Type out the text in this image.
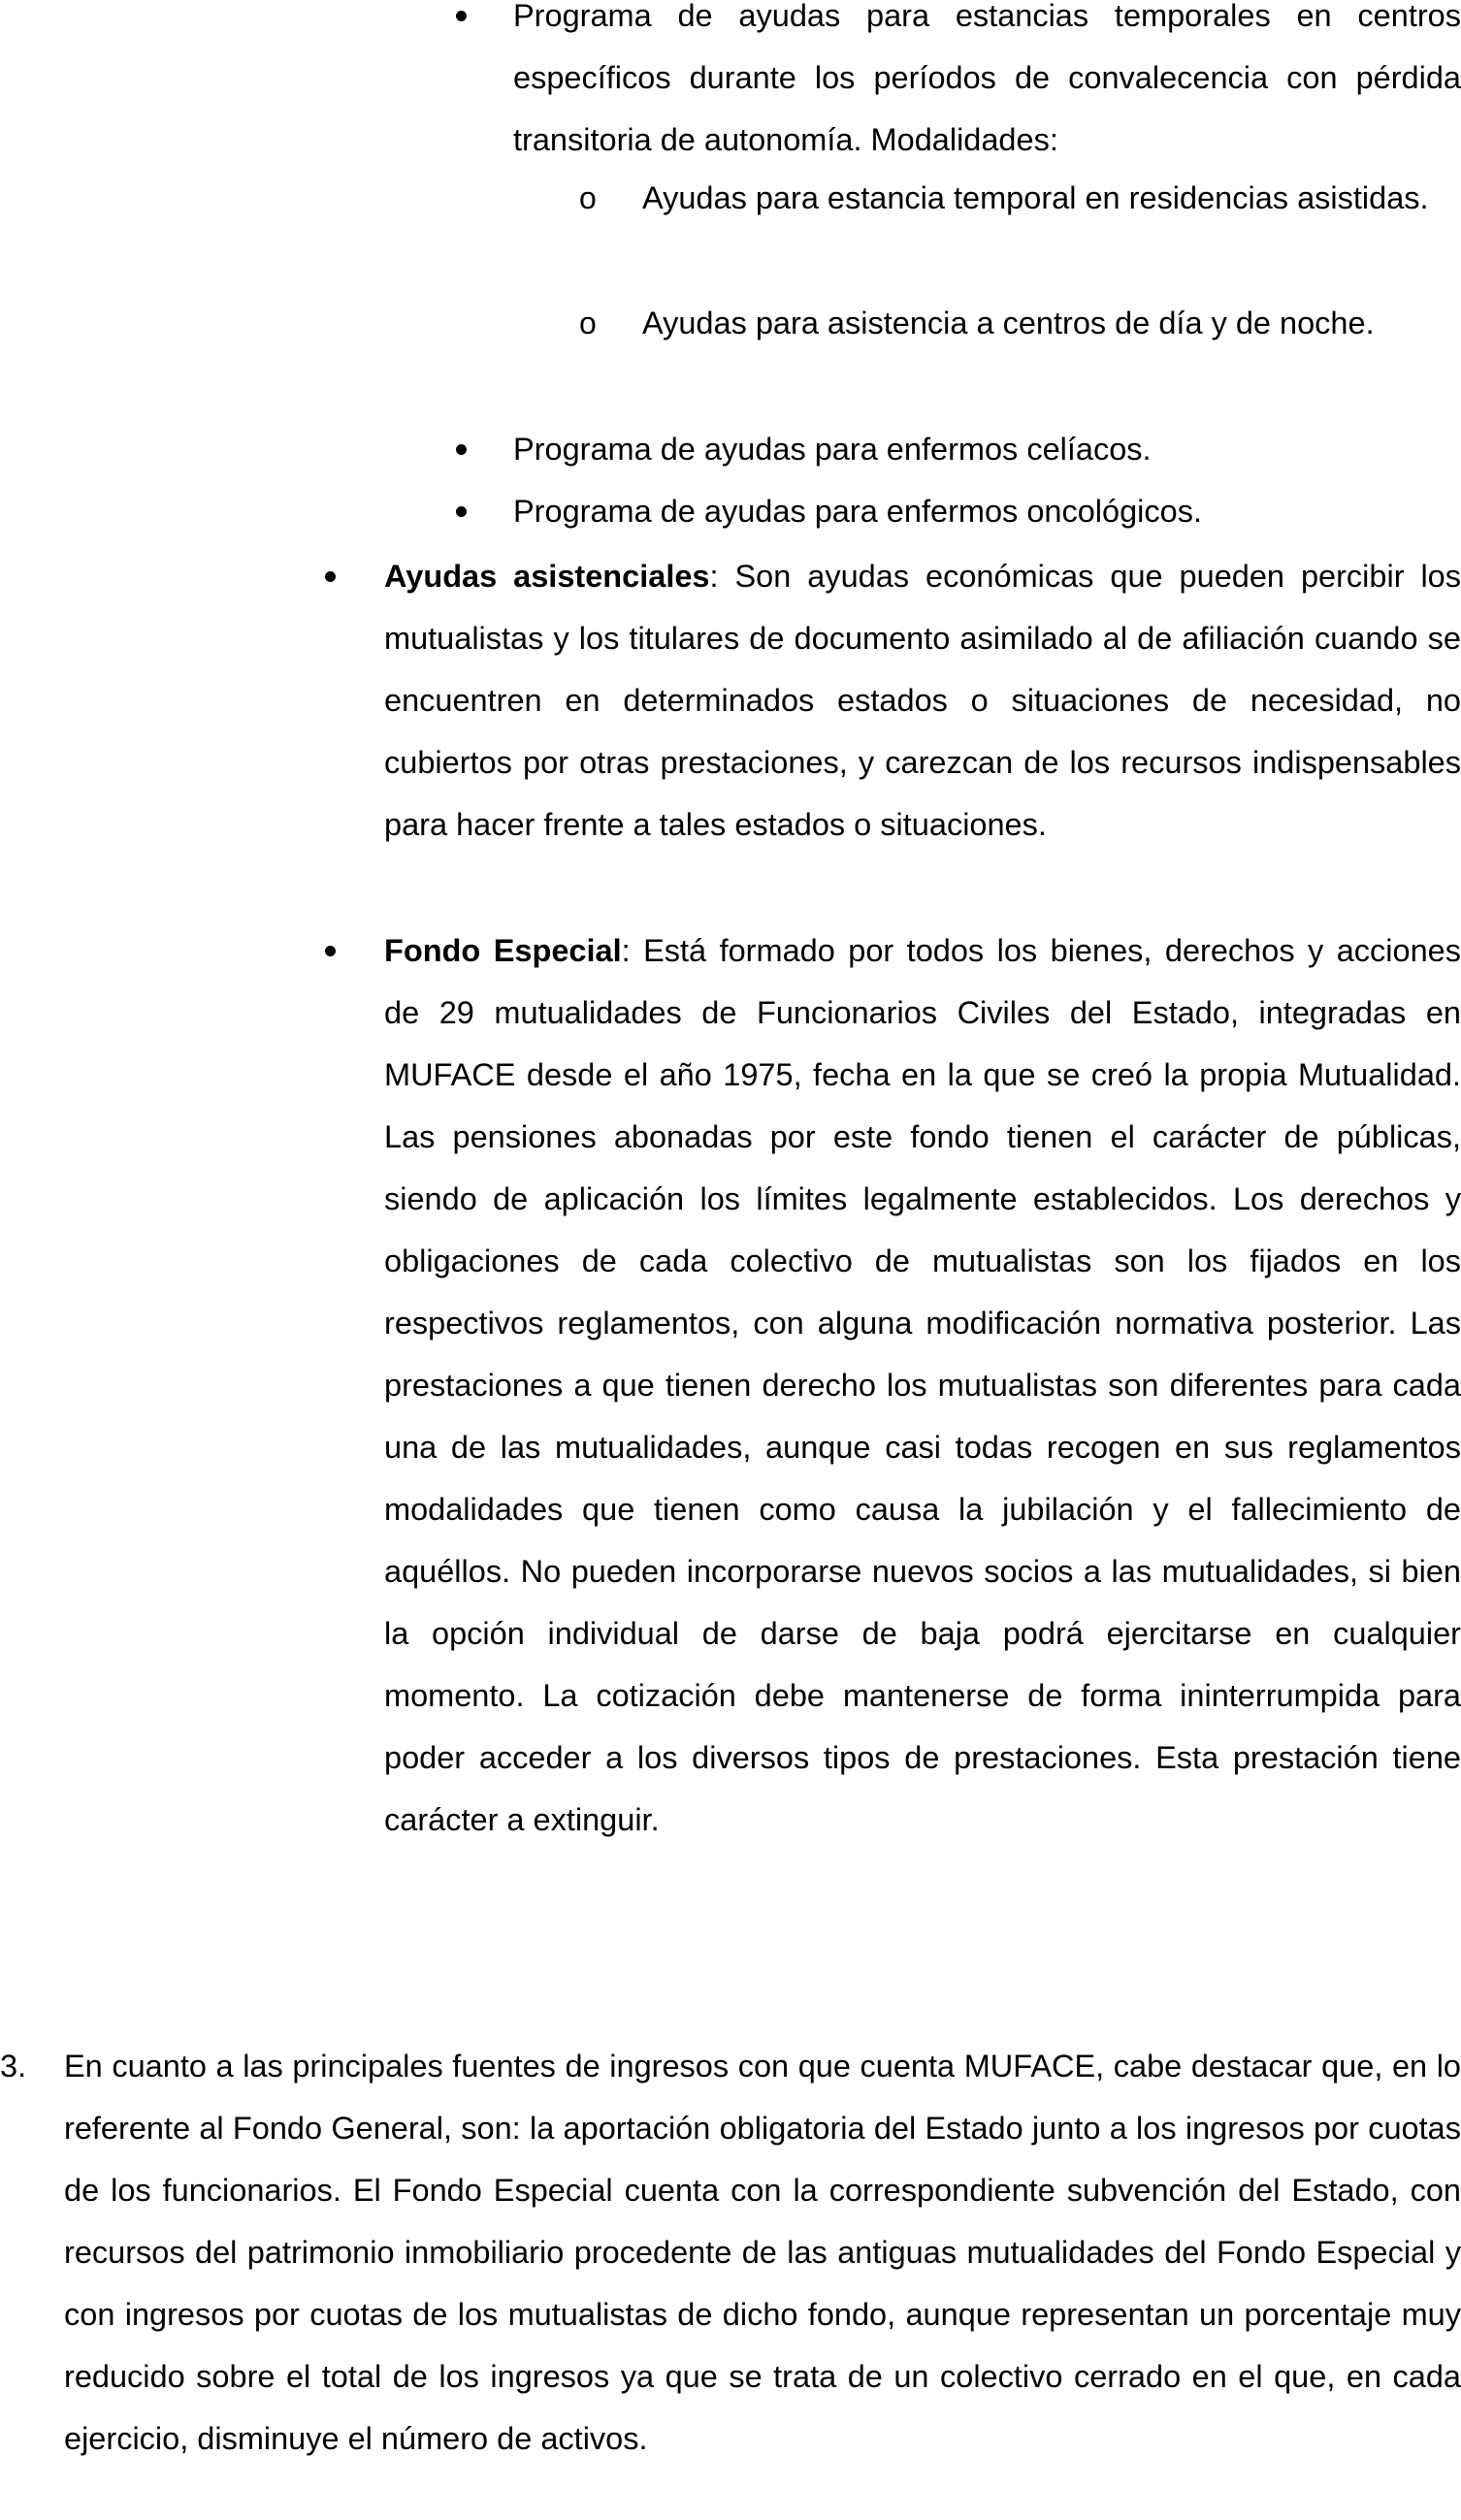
Programa de ayudas para estancias temporales en centros específicos durante los períodos de convalecencia con pérdida transitoria de autonomía. Modalidades:
o Ayudas para estancia temporal en residencias asistidas.
o Ayudas para asistencia a centros de día y de noche.
Programa de ayudas para enfermos celíacos.
Programa de ayudas para enfermos oncológicos.
Ayudas asistenciales: Son ayudas económicas que pueden percibir los mutualistas y los titulares de documento asimilado al de afiliación cuando se encuentren en determinados estados o situaciones de necesidad, no cubiertos por otras prestaciones, y carezcan de los recursos indispensables para hacer frente a tales estados o situaciones.
Fondo Especial: Está formado por todos los bienes, derechos y acciones de 29 mutualidades de Funcionarios Civiles del Estado, integradas en MUFACE desde el año 1975, fecha en la que se creó la propia Mutualidad. Las pensiones abonadas por este fondo tienen el carácter de públicas, siendo de aplicación los límites legalmente establecidos. Los derechos y obligaciones de cada colectivo de mutualistas son los fijados en los respectivos reglamentos, con alguna modificación normativa posterior. Las prestaciones a que tienen derecho los mutualistas son diferentes para cada una de las mutualidades, aunque casi todas recogen en sus reglamentos modalidades que tienen como causa la jubilación y el fallecimiento de aquéllos. No pueden incorporarse nuevos socios a las mutualidades, si bien la opción individual de darse de baja podrá ejercitarse en cualquier momento. La cotización debe mantenerse de forma ininterrumpida para poder acceder a los diversos tipos de prestaciones. Esta prestación tiene carácter a extinguir.
3. En cuanto a las principales fuentes de ingresos con que cuenta MUFACE, cabe destacar que, en lo referente al Fondo General, son: la aportación obligatoria del Estado junto a los ingresos por cuotas de los funcionarios. El Fondo Especial cuenta con la correspondiente subvención del Estado, con recursos del patrimonio inmobiliario procedente de las antiguas mutualidades del Fondo Especial y con ingresos por cuotas de los mutualistas de dicho fondo, aunque representan un porcentaje muy reducido sobre el total de los ingresos ya que se trata de un colectivo cerrado en el que, en cada ejercicio, disminuye el número de activos.
